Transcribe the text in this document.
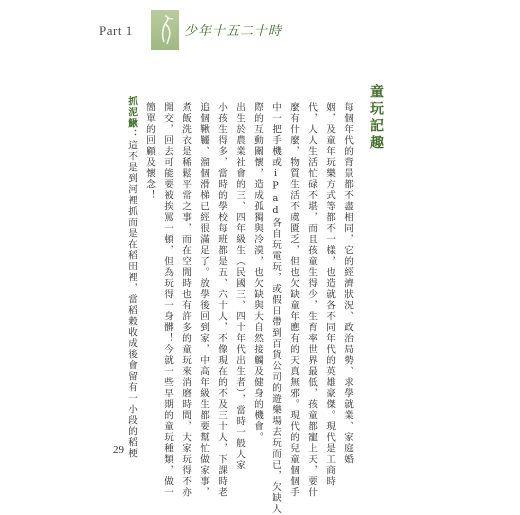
Part 1	少年十五二十時
童玩記趣
每個年代的背景都不盡相同，它的經濟狀況、政治局勢、求學就業、家庭婚
姻，及童年玩樂方式等都不一樣，也造就各不同年代的英雄豪傑。現代是工商時
代，人人生活忙碌不堪，而且孩童生得少，生育率世界最低，孩童都寵上天，要什
麼有什麼，物質生活不虞匱乏，但也欠缺童年應有的天真無邪。現代的兒童個個手
中一把手機或iPad各自玩電玩，或假日帶到百貨公司的遊樂場去玩而已，欠缺人
際的互動關懷，造成孤獨與冷漠，也欠缺與大自然接觸及健身的機會。
出生於農業社會的三、四年級生（民國三、四十年代出生者），當時一般人家
小孩生得多，當時的學校每班都是五、六十人，不像現在的不及三十人，下課時老
追個鞦韆、溜個滑梯已經很滿足了。放學後回到家，中高年級生都要幫忙做家事，
煮飯洗衣是稀鬆平常之事，而在空閒時也有許多的童玩來消磨時間，大家玩得不亦
開交，回去可能要被挨罵一頓，但為玩得一身髒！今就一些早期的童玩種類，做一
簡單的回顧及懷念！
抓泥鰍：這不是到河裡抓而是在稻田裡，當稻穀收成後會留有一小段的稻梗
29
